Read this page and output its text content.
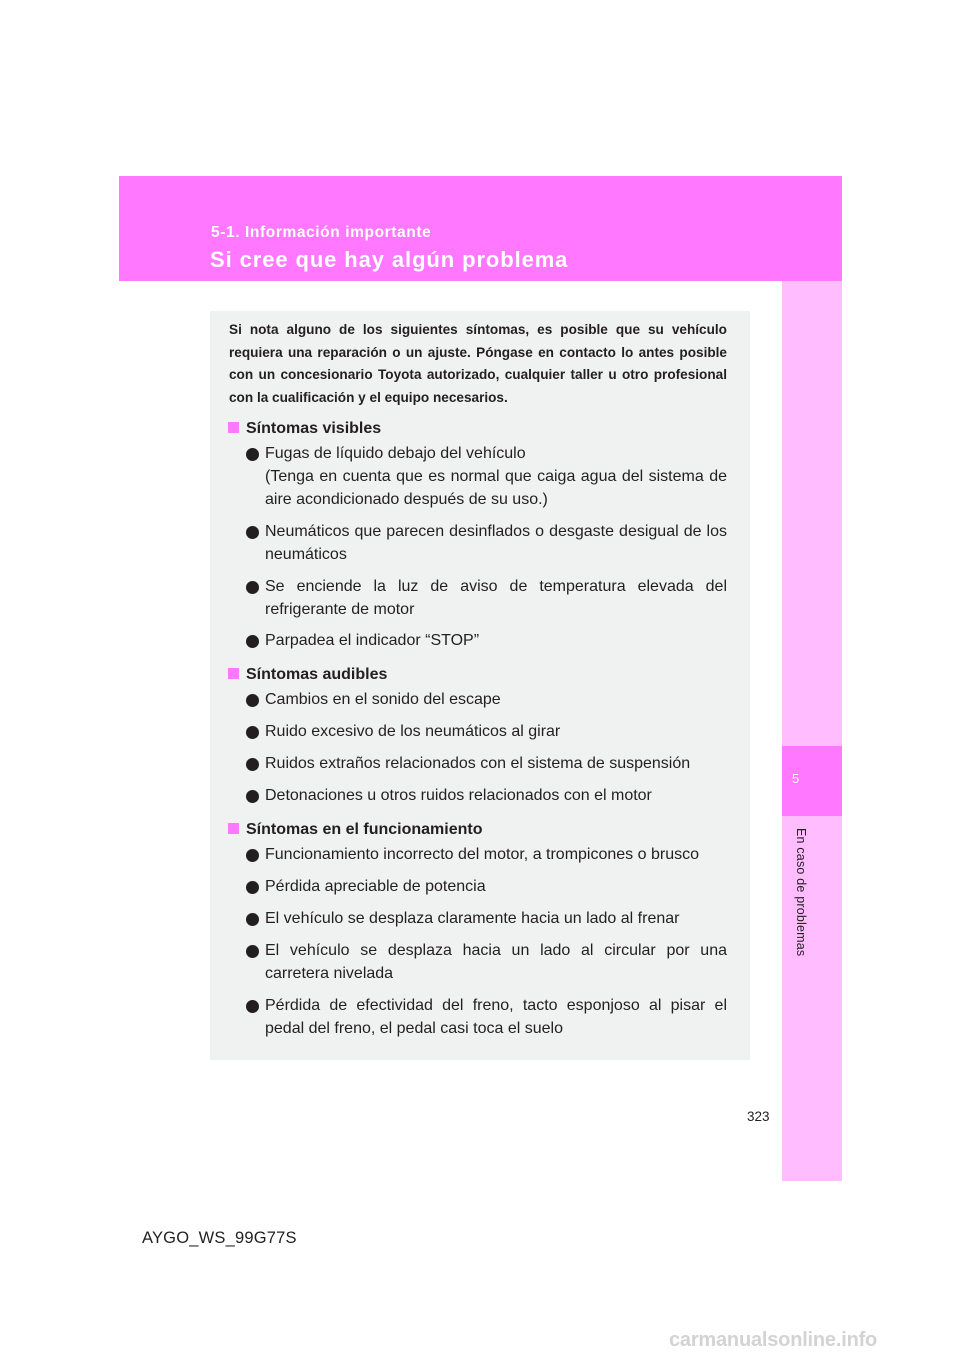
5-1. Información importante
Si cree que hay algún problema
5
En caso de problemas

Si nota alguno de los siguientes síntomas, es posible que su vehículo requiera una reparación o un ajuste. Póngase en contacto lo antes posible con un concesionario Toyota autorizado, cualquier taller u otro profesional con la cualificación y el equipo necesarios.

Síntomas visibles

Fugas de líquido debajo del vehículo
(Tenga en cuenta que es normal que caiga agua del sistema de aire acondicionado después de su uso.)

Neumáticos que parecen desinflados o desgaste desigual de los neumáticos

Se enciende la luz de aviso de temperatura elevada del refrigerante de motor

Parpadea el indicador “STOP”

Síntomas audibles

Cambios en el sonido del escape

Ruido excesivo de los neumáticos al girar

Ruidos extraños relacionados con el sistema de suspensión

Detonaciones u otros ruidos relacionados con el motor

Síntomas en el funcionamiento

Funcionamiento incorrecto del motor, a trompicones o brusco

Pérdida apreciable de potencia

El vehículo se desplaza claramente hacia un lado al frenar

El vehículo se desplaza hacia un lado al circular por una carretera nivelada

Pérdida de efectividad del freno, tacto esponjoso al pisar el pedal del freno, el pedal casi toca el suelo

323
AYGO_WS_99G77S
carmanualsonline.info
